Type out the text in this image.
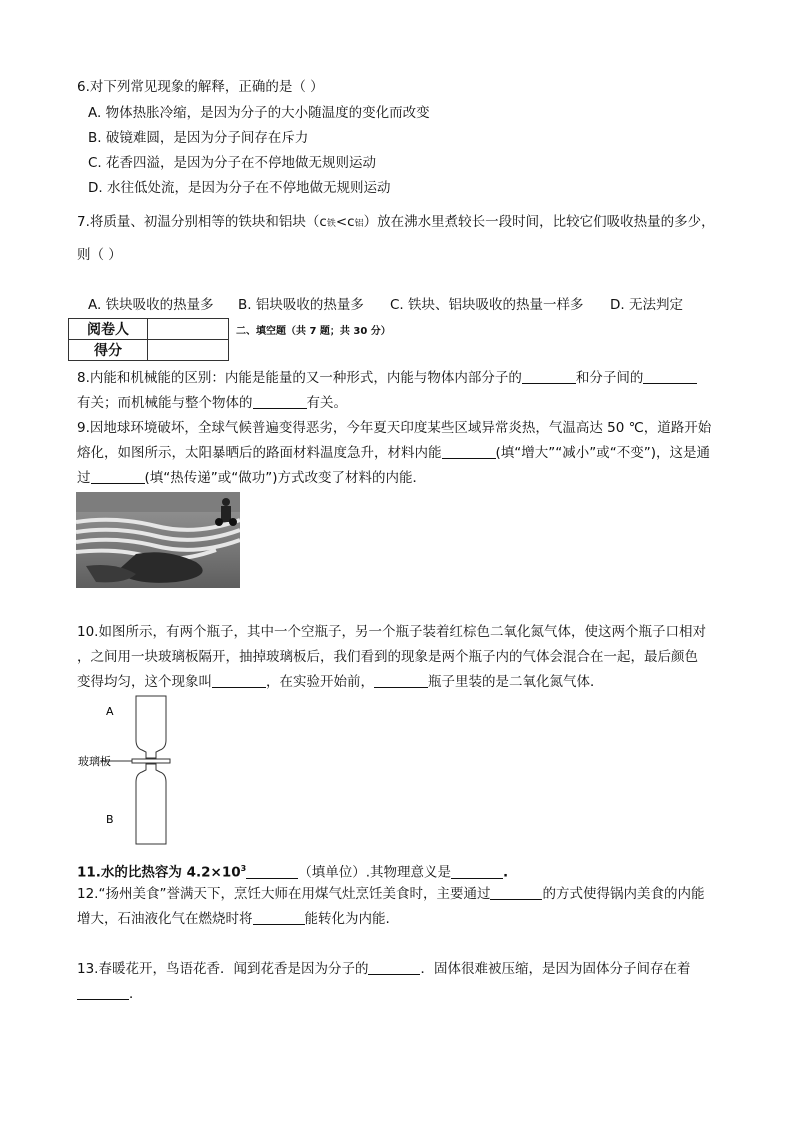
6.对下列常见现象的解释，正确的是（ ）
A. 物体热胀冷缩，是因为分子的大小随温度的变化而改变
B. 破镜难圆，是因为分子间存在斥力
C. 花香四溢，是因为分子在不停地做无规则运动
D. 水往低处流，是因为分子在不停地做无规则运动
7.将质量、初温分别相等的铁块和铝块（c铁<c铝）放在沸水里煮较长一段时间，比较它们吸收热量的多少，
则（ ）
A. 铁块吸收的热量多 B. 铝块吸收的热量多 C. 铁块、铝块吸收的热量一样多 D. 无法判定
阅卷人	
得分	
二、填空题（共 7 题；共 30 分）
8.内能和机械能的区别：内能是能量的又一种形式，内能与物体内部分子的	和分子间的
有关；而机械能与整个物体的	有关。
9.因地球环境破坏，全球气候普遍变得恶劣，今年夏天印度某些区域异常炎热，气温高达 50 ℃，道路开始
熔化，如图所示，太阳暴晒后的路面材料温度急升，材料内能	(填“增大”“减小”或“不变”)，这是通
过	(填“热传递”或“做功”)方式改变了材料的内能．
10.如图所示，有两个瓶子，其中一个空瓶子，另一个瓶子装着红棕色二氧化氮气体，使这两个瓶子口相对
，之间用一块玻璃板隔开，抽掉玻璃板后，我们看到的现象是两个瓶子内的气体会混合在一起，最后颜色
变得均匀，这个现象叫	，在实验开始前，	瓶子里装的是二氧化氮气体．
A
玻璃板
B
11.水的比热容为 $4.2\times 10^3$	（填单位）.其物理意义是	.
12.“扬州美食”誉满天下，烹饪大师在用煤气灶烹饪美食时，主要通过	的方式使得锅内美食的内能
增大，石油液化气在燃烧时将	能转化为内能.
13.春暖花开，鸟语花香．闻到花香是因为分子的	．固体很难被压缩，是因为固体分子间存在着
．
